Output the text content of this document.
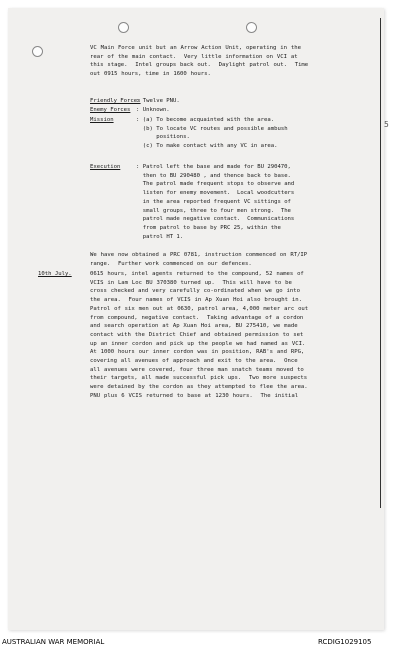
5
VC Main Force unit but an Arrow Action Unit, operating in the
rear of the main contact.  Very little information on VCI at
this stage.  Intel groups back out.  Daylight patrol out.  Time
out 0915 hours, time in 1600 hours.
Friendly Forces
: Twelve PNU.
Enemy Forces : Unknown.
Mission	: (a) To become acquainted with the area.
(b) To locate VC routes and possible ambush
positions.
(c) To make contact with any VC in area.
Execution	: Patrol left the base and made for BU 290470,
then to BU 290480 , and thence back to base.
The patrol made frequent stops to observe and
listen for enemy movement.  Local woodcutters
in the area reported frequent VC sittings of
small groups, three to four men strong.  The
patrol made negative contact.  Communications
from patrol to base by PRC 25, within the
patrol HT 1.
We have now obtained a PRC 0781, instruction commenced on RT/IP
range.  Further work commenced on our defences.
10th July.	0615 hours, intel agents returned to the compound, 52 names of
VCIS in Lam Loc BU 370380 turned up.  This will have to be
cross checked and very carefully co-ordinated when we go into
the area.  Four names of VCIS in Ap Xuan Hoi also brought in.
Patrol of six men out at 0630, patrol area, 4,000 meter arc out
from compound, negative contact.  Taking advantage of a cordon
and search operation at Ap Xuan Hoi area, BU 275410, we made
contact with the District Chief and obtained permission to set
up an inner cordon and pick up the people we had named as VCI.
At 1000 hours our inner cordon was in position, RAB's and RPG,
covering all avenues of approach and exit to the area.  Once
all avenues were covered, four three man snatch teams moved to
their targets, all made successful pick ups.  Two more suspects
were detained by the cordon as they attempted to flee the area.
PNU plus 6 VCIS returned to base at 1230 hours.  The initial
AUSTRALIAN WAR MEMORIAL	RCDIG1029105
